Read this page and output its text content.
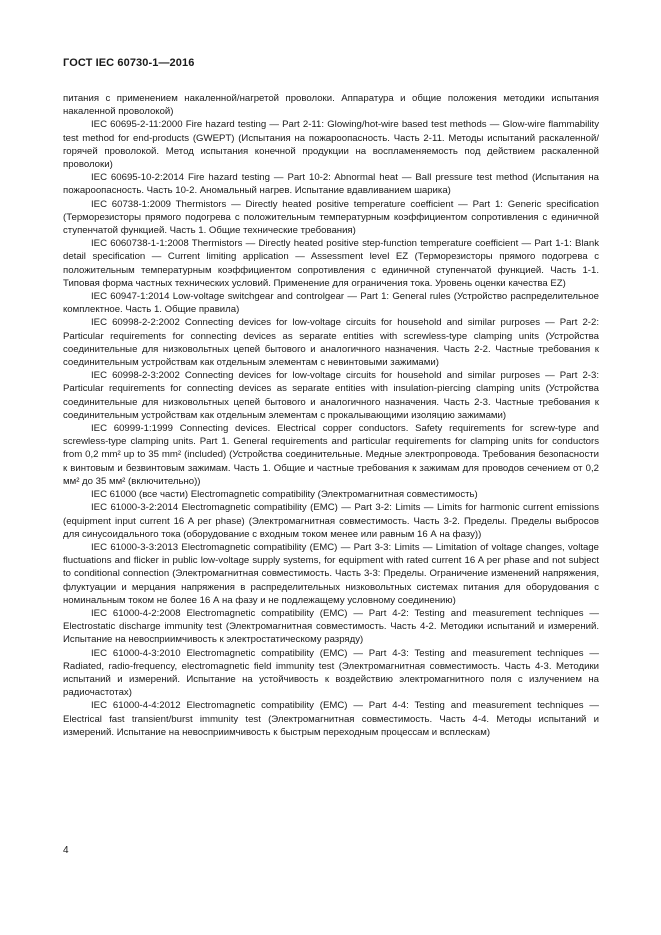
ГОСТ IEC 60730-1—2016

питания с применением накаленной/нагретой проволоки. Аппаратура и общие положения методики испытания накаленной проволокой)

IEC 60695-2-11:2000 Fire hazard testing — Part 2-11: Glowing/hot-wire based test methods — Glow-wire flammability test method for end-products (GWEPT) (Испытания на пожароопасность. Часть 2-11. Методы испытаний раскаленной/горячей проволокой. Метод испытания конечной продукции на воспламеняемость под действием раскаленной проволоки)

IEC 60695-10-2:2014 Fire hazard testing — Part 10-2: Abnormal heat — Ball pressure test method (Испытания на пожароопасность. Часть 10-2. Аномальный нагрев. Испытание вдавливанием шарика)

IEC 60738-1:2009 Thermistors — Directly heated positive temperature coefficient — Part 1: Generic specification (Терморезисторы прямого подогрева с положительным температурным коэффициентом сопротивления с единичной ступенчатой функцией. Часть 1. Общие технические требования)

IEC 6060738-1-1:2008 Thermistors — Directly heated positive step-function temperature coefficient — Part 1-1: Blank detail specification — Current limiting application — Assessment level EZ (Терморезисторы прямого подогрева с положительным температурным коэффициентом сопротивления с единичной ступенчатой функцией. Часть 1-1. Типовая форма частных технических условий. Применение для ограничения тока. Уровень оценки качества EZ)

IEC 60947-1:2014 Low-voltage switchgear and controlgear — Part 1: General rules (Устройство распределительное комплектное. Часть 1. Общие правила)

IEC 60998-2-2:2002 Connecting devices for low-voltage circuits for household and similar purposes — Part 2-2: Particular requirements for connecting devices as separate entities with screwless-type clamping units (Устройства соединительные для низковольтных цепей бытового и аналогичного назначения. Часть 2-2. Частные требования к соединительным устройствам как отдельным элементам с невинтовыми зажимами)

IEC 60998-2-3:2002 Connecting devices for low-voltage circuits for household and similar purposes — Part 2-3: Particular requirements for connecting devices as separate entities with insulation-piercing clamping units (Устройства соединительные для низковольтных цепей бытового и аналогичного назначения. Часть 2-3. Частные требования к соединительным устройствам как отдельным элементам с прокалывающими изоляцию зажимами)

IEC 60999-1:1999 Connecting devices. Electrical copper conductors. Safety requirements for screw-type and screwless-type clamping units. Part 1. General requirements and particular requirements for clamping units for conductors from 0,2 mm² up to 35 mm² (included) (Устройства соединительные. Медные электропровода. Требования безопасности к винтовым и безвинтовым зажимам. Часть 1. Общие и частные требования к зажимам для проводов сечением от 0,2 мм² до 35 мм² (включительно))

IEC 61000 (все части) Electromagnetic compatibility (Электромагнитная совместимость)

IEC 61000-3-2:2014 Electromagnetic compatibility (EMC) — Part 3-2: Limits — Limits for harmonic current emissions (equipment input current 16 A per phase) (Электромагнитная совместимость. Часть 3-2. Пределы. Пределы выбросов для синусоидального тока (оборудование с входным током менее или равным 16 А на фазу))

IEC 61000-3-3:2013 Electromagnetic compatibility (EMC) — Part 3-3: Limits — Limitation of voltage changes, voltage fluctuations and flicker in public low-voltage supply systems, for equipment with rated current 16 A per phase and not subject to conditional connection (Электромагнитная совместимость. Часть 3-3: Пределы. Ограничение изменений напряжения, флуктуации и мерцания напряжения в распределительных низковольтных системах питания для оборудования с номинальным током не более 16 А на фазу и не подлежащему условному соединению)

IEC 61000-4-2:2008 Electromagnetic compatibility (EMC) — Part 4-2: Testing and measurement techniques — Electrostatic discharge immunity test (Электромагнитная совместимость. Часть 4-2. Методики испытаний и измерений. Испытание на невосприимчивость к электростатическому разряду)

IEC 61000-4-3:2010 Electromagnetic compatibility (EMC) — Part 4-3: Testing and measurement techniques — Radiated, radio-frequency, electromagnetic field immunity test (Электромагнитная совместимость. Часть 4-3. Методики испытаний и измерений. Испытание на устойчивость к воздействию электромагнитного поля с излучением на радиочастотах)

IEC 61000-4-4:2012 Electromagnetic compatibility (EMC) — Part 4-4: Testing and measurement techniques — Electrical fast transient/burst immunity test (Электромагнитная совместимость. Часть 4-4. Методы испытаний и измерений. Испытание на невосприимчивость к быстрым переходным процессам и всплескам)

4
